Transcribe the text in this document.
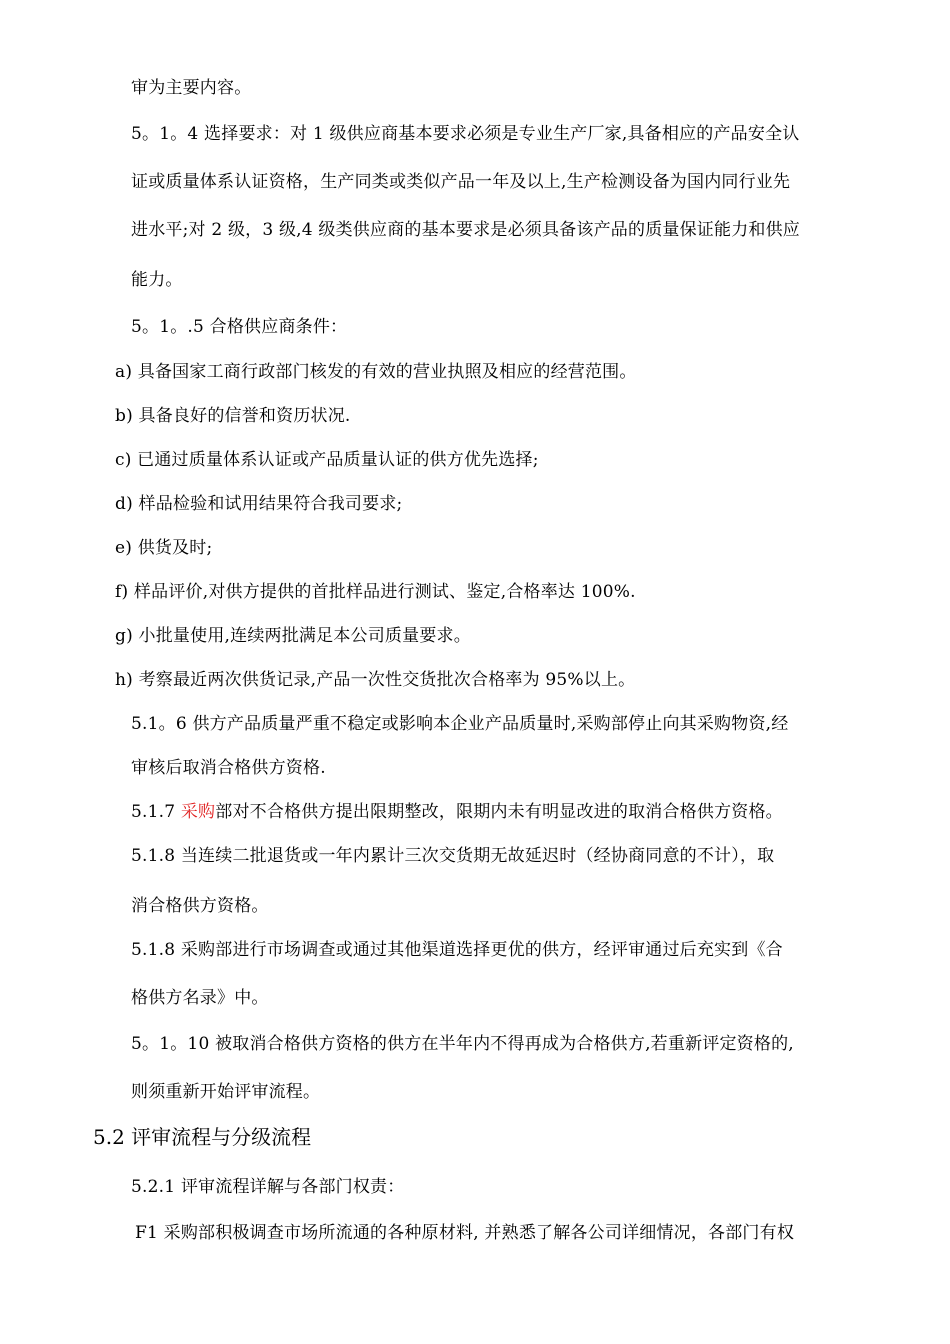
审为主要内容。
5。1。4 选择要求：对 1 级供应商基本要求必须是专业生产厂家,具备相应的产品安全认
证或质量体系认证资格，生产同类或类似产品一年及以上,生产检测设备为国内同行业先
进水平;对 2 级，3 级,4 级类供应商的基本要求是必须具备该产品的质量保证能力和供应
能力。
5。1。.5 合格供应商条件：
a) 具备国家工商行政部门核发的有效的营业执照及相应的经营范围。
b) 具备良好的信誉和资历状况.
c) 已通过质量体系认证或产品质量认证的供方优先选择;
d) 样品检验和试用结果符合我司要求;
e) 供货及时;
f) 样品评价,对供方提供的首批样品进行测试、鉴定,合格率达 100%.
g) 小批量使用,连续两批满足本公司质量要求。
h) 考察最近两次供货记录,产品一次性交货批次合格率为 95%以上。
5.1。6 供方产品质量严重不稳定或影响本企业产品质量时,采购部停止向其采购物资,经
审核后取消合格供方资格.
5.1.7 采购部对不合格供方提出限期整改，限期内未有明显改进的取消合格供方资格。
5.1.8 当连续二批退货或一年内累计三次交货期无故延迟时（经协商同意的不计），取
消合格供方资格。
5.1.8 采购部进行市场调查或通过其他渠道选择更优的供方，经评审通过后充实到《合
格供方名录》中。
5。1。10 被取消合格供方资格的供方在半年内不得再成为合格供方,若重新评定资格的,
则须重新开始评审流程。
5.2 评审流程与分级流程
5.2.1 评审流程详解与各部门权责：
F1 采购部积极调查市场所流通的各种原材料, 并熟悉了解各公司详细情况，各部门有权
